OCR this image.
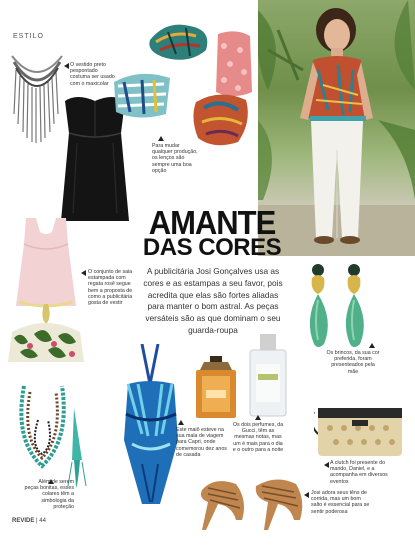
ESTILO
O vestido preto pespontado costuma ser usado com o maxicolar
Para mudar qualquer produção, os lenços são sempre uma boa opção
AMANTE
DAS CORES
A publicitária Josi Gonçalves usa as cores e as estampas a seu favor, pois acredita que elas são fortes aliadas para manter o bom astral. As peças versáteis são as que dominam o seu guarda-roupa
O conjunto de saia estampada com regata rosê segue bem a proposta de como a publicitária gosta de vestir
Os brincos, da sua cor preferida, foram presenteados pela mãe
Além de serem peças bonitas, esses colares têm a simbologia da proteção
Este maiô esteve na sua mala de viagem para Capri, onde comemorou dez anos de casada
Os dois perfumes, da Gucci, têm as mesmas notas, mas um é mais para o dia e o outro para a noite
A clutch foi presente do marido, Daniel, e a acompanha em diversos eventos
Josi adora seus têns de corrida, mas um bom salto é essencial para se sentir poderosa
REVIDE | 44
